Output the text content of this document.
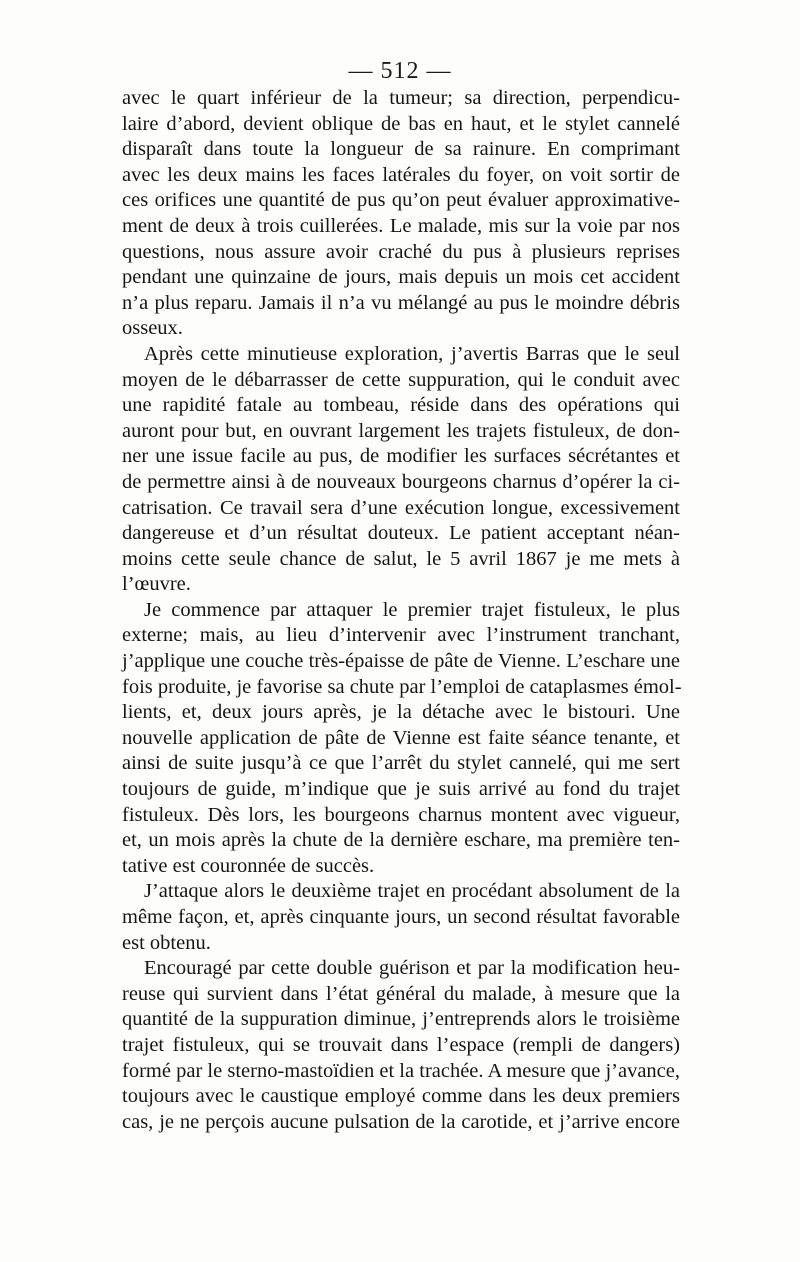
— 512 —
avec le quart inférieur de la tumeur; sa direction, perpendicu-
laire d’abord, devient oblique de bas en haut, et le stylet cannelé
disparaît dans toute la longueur de sa rainure. En comprimant
avec les deux mains les faces latérales du foyer, on voit sortir de
ces orifices une quantité de pus qu’on peut évaluer approximative-
ment de deux à trois cuillerées. Le malade, mis sur la voie par nos
questions, nous assure avoir craché du pus à plusieurs reprises
pendant une quinzaine de jours, mais depuis un mois cet accident
n’a plus reparu. Jamais il n’a vu mélangé au pus le moindre débris
osseux.
Après cette minutieuse exploration, j’avertis Barras que le seul
moyen de le débarrasser de cette suppuration, qui le conduit avec
une rapidité fatale au tombeau, réside dans des opérations qui
auront pour but, en ouvrant largement les trajets fistuleux, de don-
ner une issue facile au pus, de modifier les surfaces sécrétantes et
de permettre ainsi à de nouveaux bourgeons charnus d’opérer la ci-
catrisation. Ce travail sera d’une exécution longue, excessivement
dangereuse et d’un résultat douteux. Le patient acceptant néan-
moins cette seule chance de salut, le 5 avril 1867 je me mets à
l’œuvre.
Je commence par attaquer le premier trajet fistuleux, le plus
externe; mais, au lieu d’intervenir avec l’instrument tranchant,
j’applique une couche très-épaisse de pâte de Vienne. L’eschare une
fois produite, je favorise sa chute par l’emploi de cataplasmes émol-
lients, et, deux jours après, je la détache avec le bistouri. Une
nouvelle application de pâte de Vienne est faite séance tenante, et
ainsi de suite jusqu’à ce que l’arrêt du stylet cannelé, qui me sert
toujours de guide, m’indique que je suis arrivé au fond du trajet
fistuleux. Dès lors, les bourgeons charnus montent avec vigueur,
et, un mois après la chute de la dernière eschare, ma première ten-
tative est couronnée de succès.
J’attaque alors le deuxième trajet en procédant absolument de la
même façon, et, après cinquante jours, un second résultat favorable
est obtenu.
Encouragé par cette double guérison et par la modification heu-
reuse qui survient dans l’état général du malade, à mesure que la
quantité de la suppuration diminue, j’entreprends alors le troisième
trajet fistuleux, qui se trouvait dans l’espace (rempli de dangers)
formé par le sterno-mastoïdien et la trachée. A mesure que j’avance,
toujours avec le caustique employé comme dans les deux premiers
cas, je ne perçois aucune pulsation de la carotide, et j’arrive encore
